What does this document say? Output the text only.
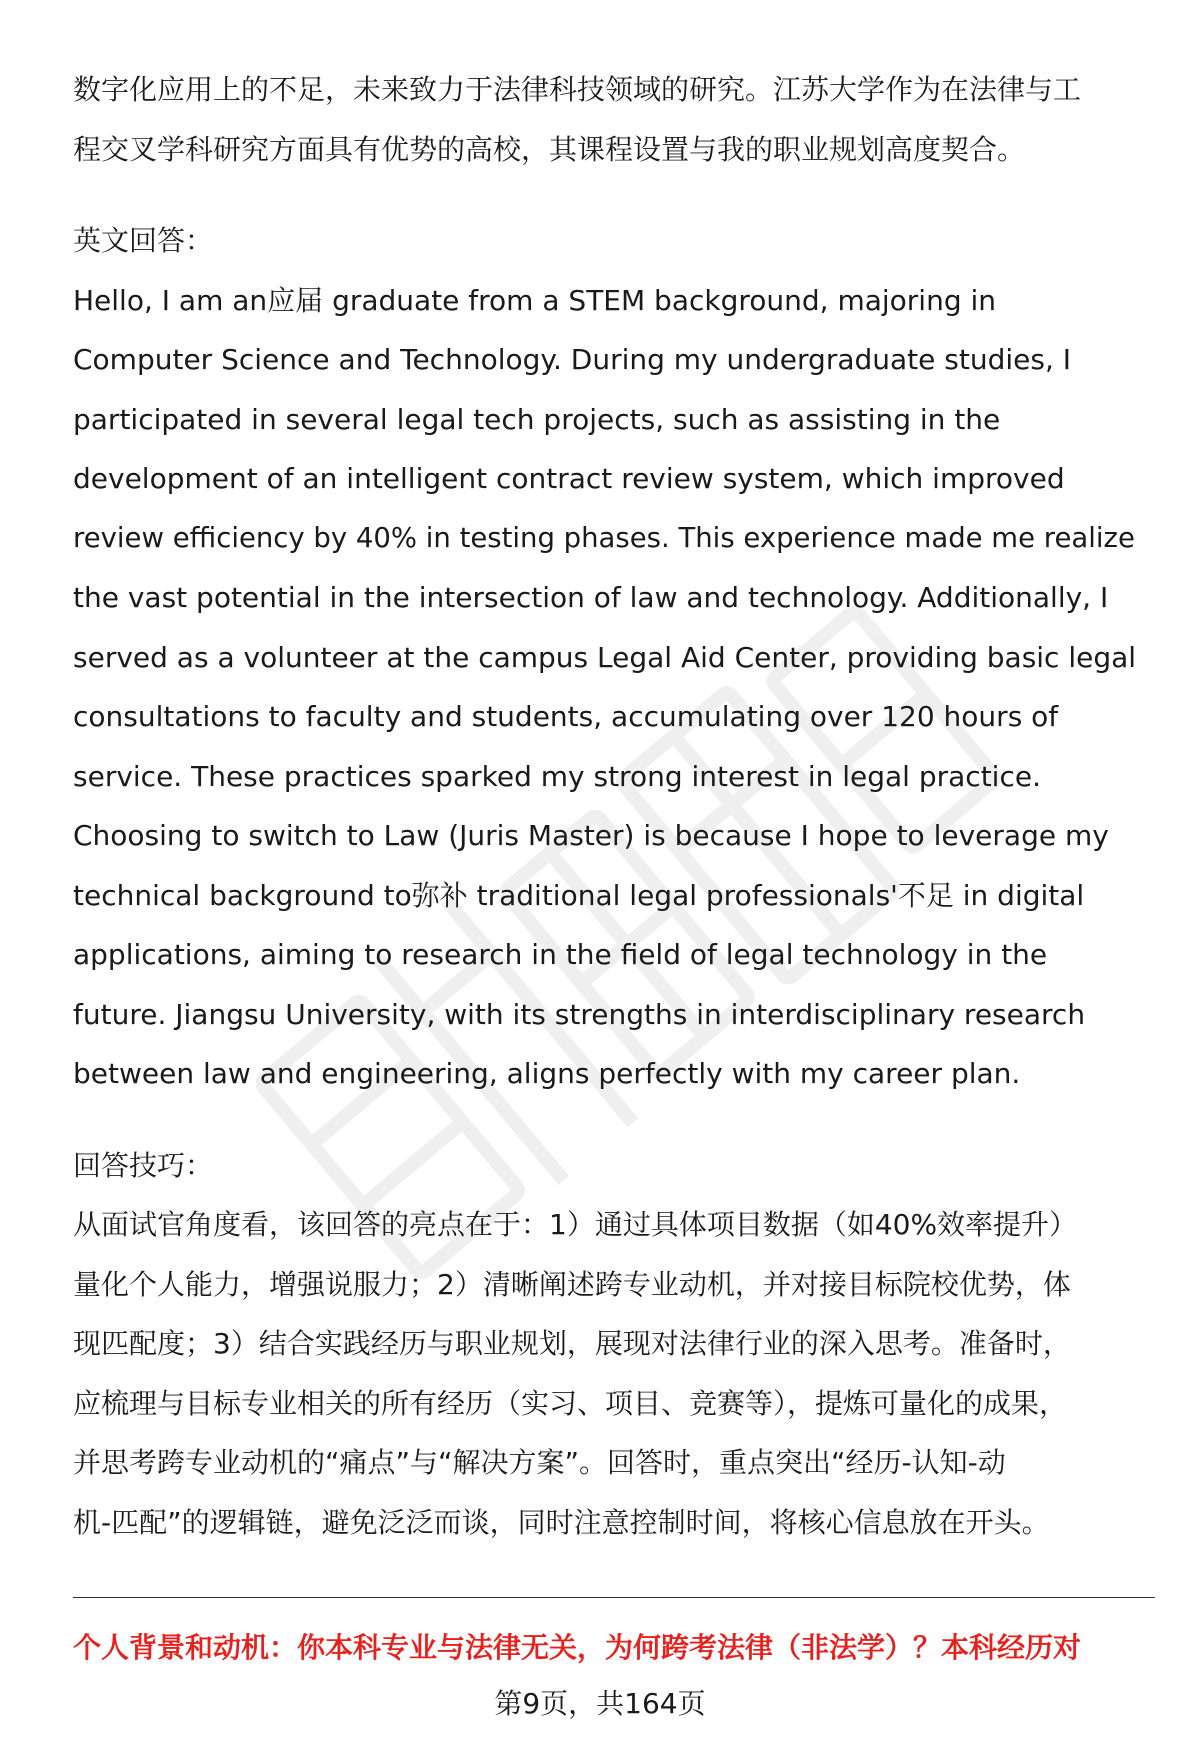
数字化应用上的不足，未来致力于法律科技领域的研究。江苏大学作为在法律与工
程交叉学科研究方面具有优势的高校，其课程设置与我的职业规划高度契合。
英文回答：
Hello, I am an应届 graduate from a STEM background, majoring in
Computer Science and Technology. During my undergraduate studies, I
participated in several legal tech projects, such as assisting in the
development of an intelligent contract review system, which improved
review efficiency by 40% in testing phases. This experience made me realize
the vast potential in the intersection of law and technology. Additionally, I
served as a volunteer at the campus Legal Aid Center, providing basic legal
consultations to faculty and students, accumulating over 120 hours of
service. These practices sparked my strong interest in legal practice.
Choosing to switch to Law (Juris Master) is because I hope to leverage my
technical background to弥补 traditional legal professionals'不足 in digital
applications, aiming to research in the field of legal technology in the
future. Jiangsu University, with its strengths in interdisciplinary research
between law and engineering, aligns perfectly with my career plan.
回答技巧：
从面试官角度看，该回答的亮点在于：1）通过具体项目数据（如40%效率提升）
量化个人能力，增强说服力；2）清晰阐述跨专业动机，并对接目标院校优势，体
现匹配度；3）结合实践经历与职业规划，展现对法律行业的深入思考。准备时，
应梳理与目标专业相关的所有经历（实习、项目、竞赛等），提炼可量化的成果，
并思考跨专业动机的“痛点”与“解决方案”。回答时，重点突出“经历-认知-动
机-匹配”的逻辑链，避免泛泛而谈，同时注意控制时间，将核心信息放在开头。
个人背景和动机：你本科专业与法律无关，为何跨考法律（非法学）？本科经历对
第9页，共164页
